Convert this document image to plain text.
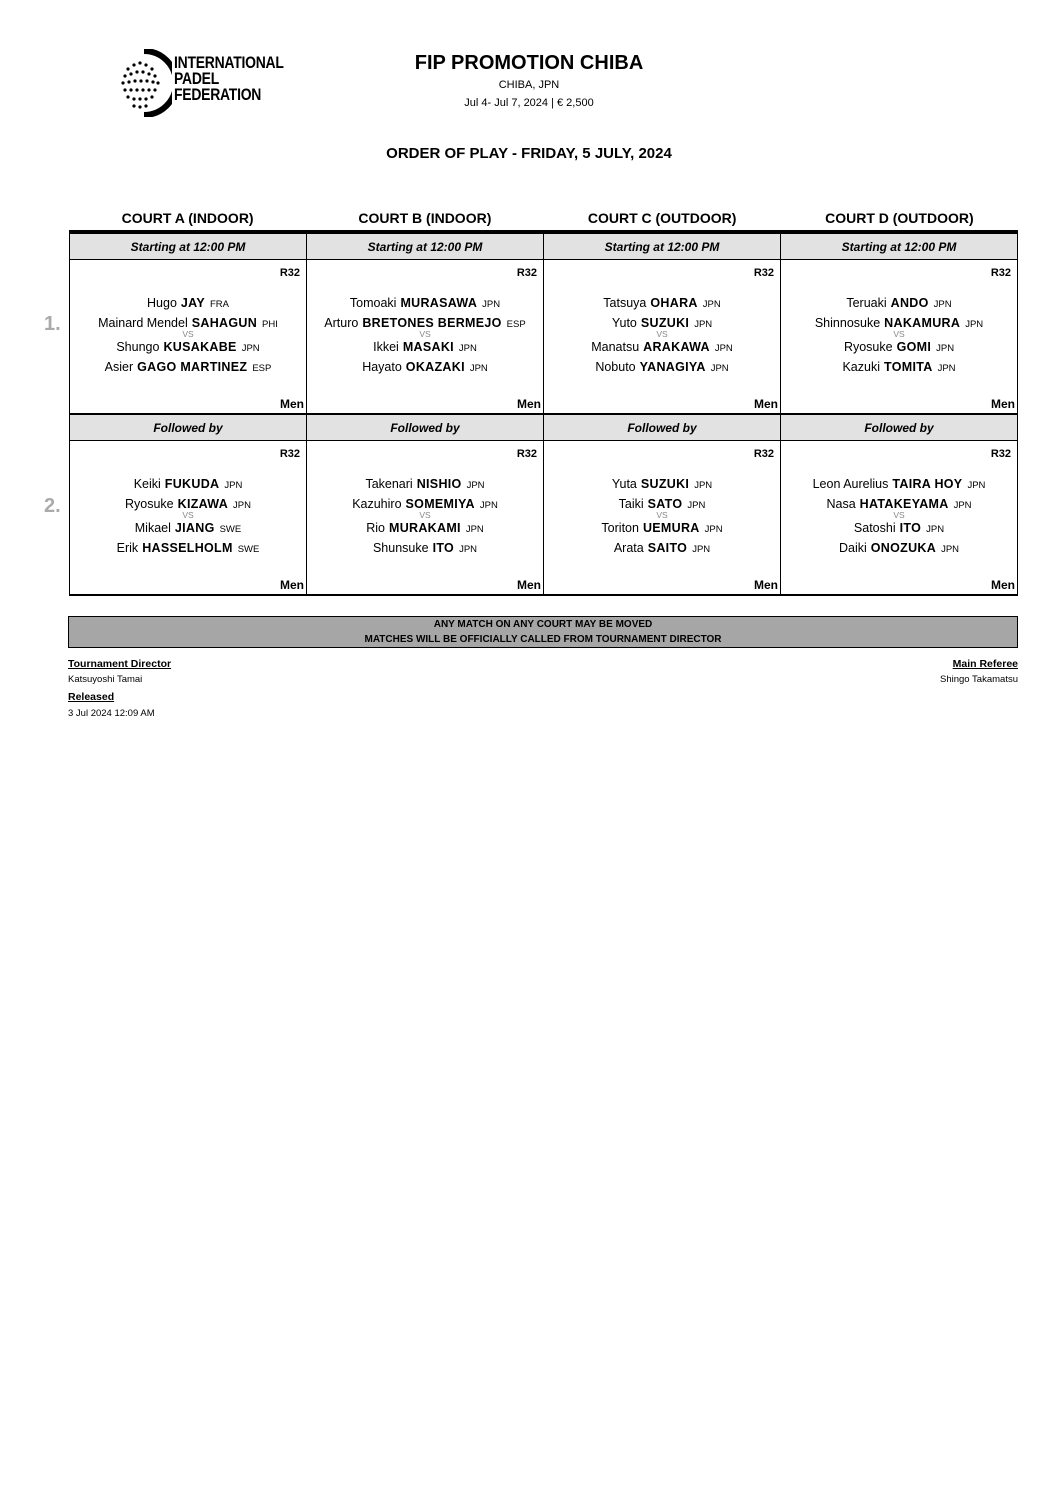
INTERNATIONAL
PADEL
FEDERATION
FIP PROMOTION CHIBA
CHIBA, JPN
Jul 4- Jul 7, 2024 | € 2,500
ORDER OF PLAY - FRIDAY, 5 JULY, 2024
1.
2.
COURT A (INDOOR)	COURT B (INDOOR)	COURT C (OUTDOOR)	COURT D (OUTDOOR)
Starting at 12:00 PM	Starting at 12:00 PM	Starting at 12:00 PM	Starting at 12:00 PM
R32
Hugo JAY FRA
Mainard Mendel SAHAGUN PHI
VS
Shungo KUSAKABE JPN
Asier GAGO MARTINEZ ESP
Men
R32
Tomoaki MURASAWA JPN
Arturo BRETONES BERMEJO ESP
VS
Ikkei MASAKI JPN
Hayato OKAZAKI JPN
Men
R32
Tatsuya OHARA JPN
Yuto SUZUKI JPN
VS
Manatsu ARAKAWA JPN
Nobuto YANAGIYA JPN
Men
R32
Teruaki ANDO JPN
Shinnosuke NAKAMURA JPN
VS
Ryosuke GOMI JPN
Kazuki TOMITA JPN
Men
Followed by	Followed by	Followed by	Followed by
R32
Keiki FUKUDA JPN
Ryosuke KIZAWA JPN
VS
Mikael JIANG SWE
Erik HASSELHOLM SWE
Men
R32
Takenari NISHIO JPN
Kazuhiro SOMEMIYA JPN
VS
Rio MURAKAMI JPN
Shunsuke ITO JPN
Men
R32
Yuta SUZUKI JPN
Taiki SATO JPN
VS
Toriton UEMURA JPN
Arata SAITO JPN
Men
R32
Leon Aurelius TAIRA HOY JPN
Nasa HATAKEYAMA JPN
VS
Satoshi ITO JPN
Daiki ONOZUKA JPN
Men
ANY MATCH ON ANY COURT MAY BE MOVED
MATCHES WILL BE OFFICIALLY CALLED FROM TOURNAMENT DIRECTOR
Tournament Director
Katsuyoshi Tamai
Released
3 Jul 2024 12:09 AM
Main Referee
Shingo Takamatsu
